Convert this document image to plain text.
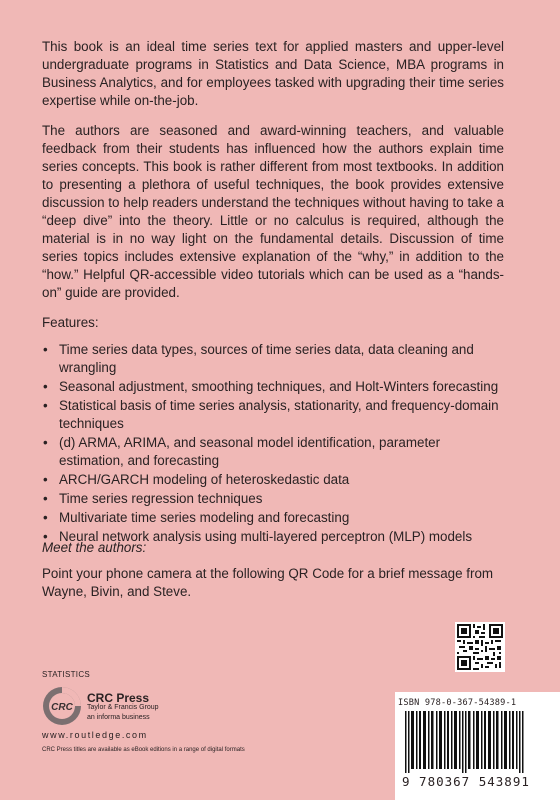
This book is an ideal time series text for applied masters and upper-level undergraduate programs in Statistics and Data Science, MBA programs in Business Analytics, and for employees tasked with upgrading their time series expertise while on-the-job.

The authors are seasoned and award-winning teachers, and valuable feedback from their students has influenced how the authors explain time series concepts. This book is rather different from most textbooks. In addition to presenting a plethora of useful techniques, the book provides extensive discussion to help readers understand the techniques without having to take a “deep dive” into the theory. Little or no calculus is required, although the material is in no way light on the fundamental details. Discussion of time series topics includes extensive explanation of the “why,” in addition to the “how.” Helpful QR-accessible video tutorials which can be used as a “hands-on” guide are provided.

Features:

• Time series data types, sources of time series data, data cleaning and wrangling
• Seasonal adjustment, smoothing techniques, and Holt-Winters forecasting
• Statistical basis of time series analysis, stationarity, and frequency-domain techniques
• (d) ARMA, ARIMA, and seasonal model identification, parameter estimation, and forecasting
• ARCH/GARCH modeling of heteroskedastic data
• Time series regression techniques
• Multivariate time series modeling and forecasting
• Neural network analysis using multi-layered perceptron (MLP) models
Meet the authors:
Point your phone camera at the following QR Code for a brief message from Wayne, Bivin, and Steve.
STATISTICS
CRC
CRC Press
Taylor & Francis Group
an informa business
www.routledge.com
CRC Press titles are available as eBook editions in a range of digital formats
ISBN 978-0-367-54389-1
9 780367 543891
